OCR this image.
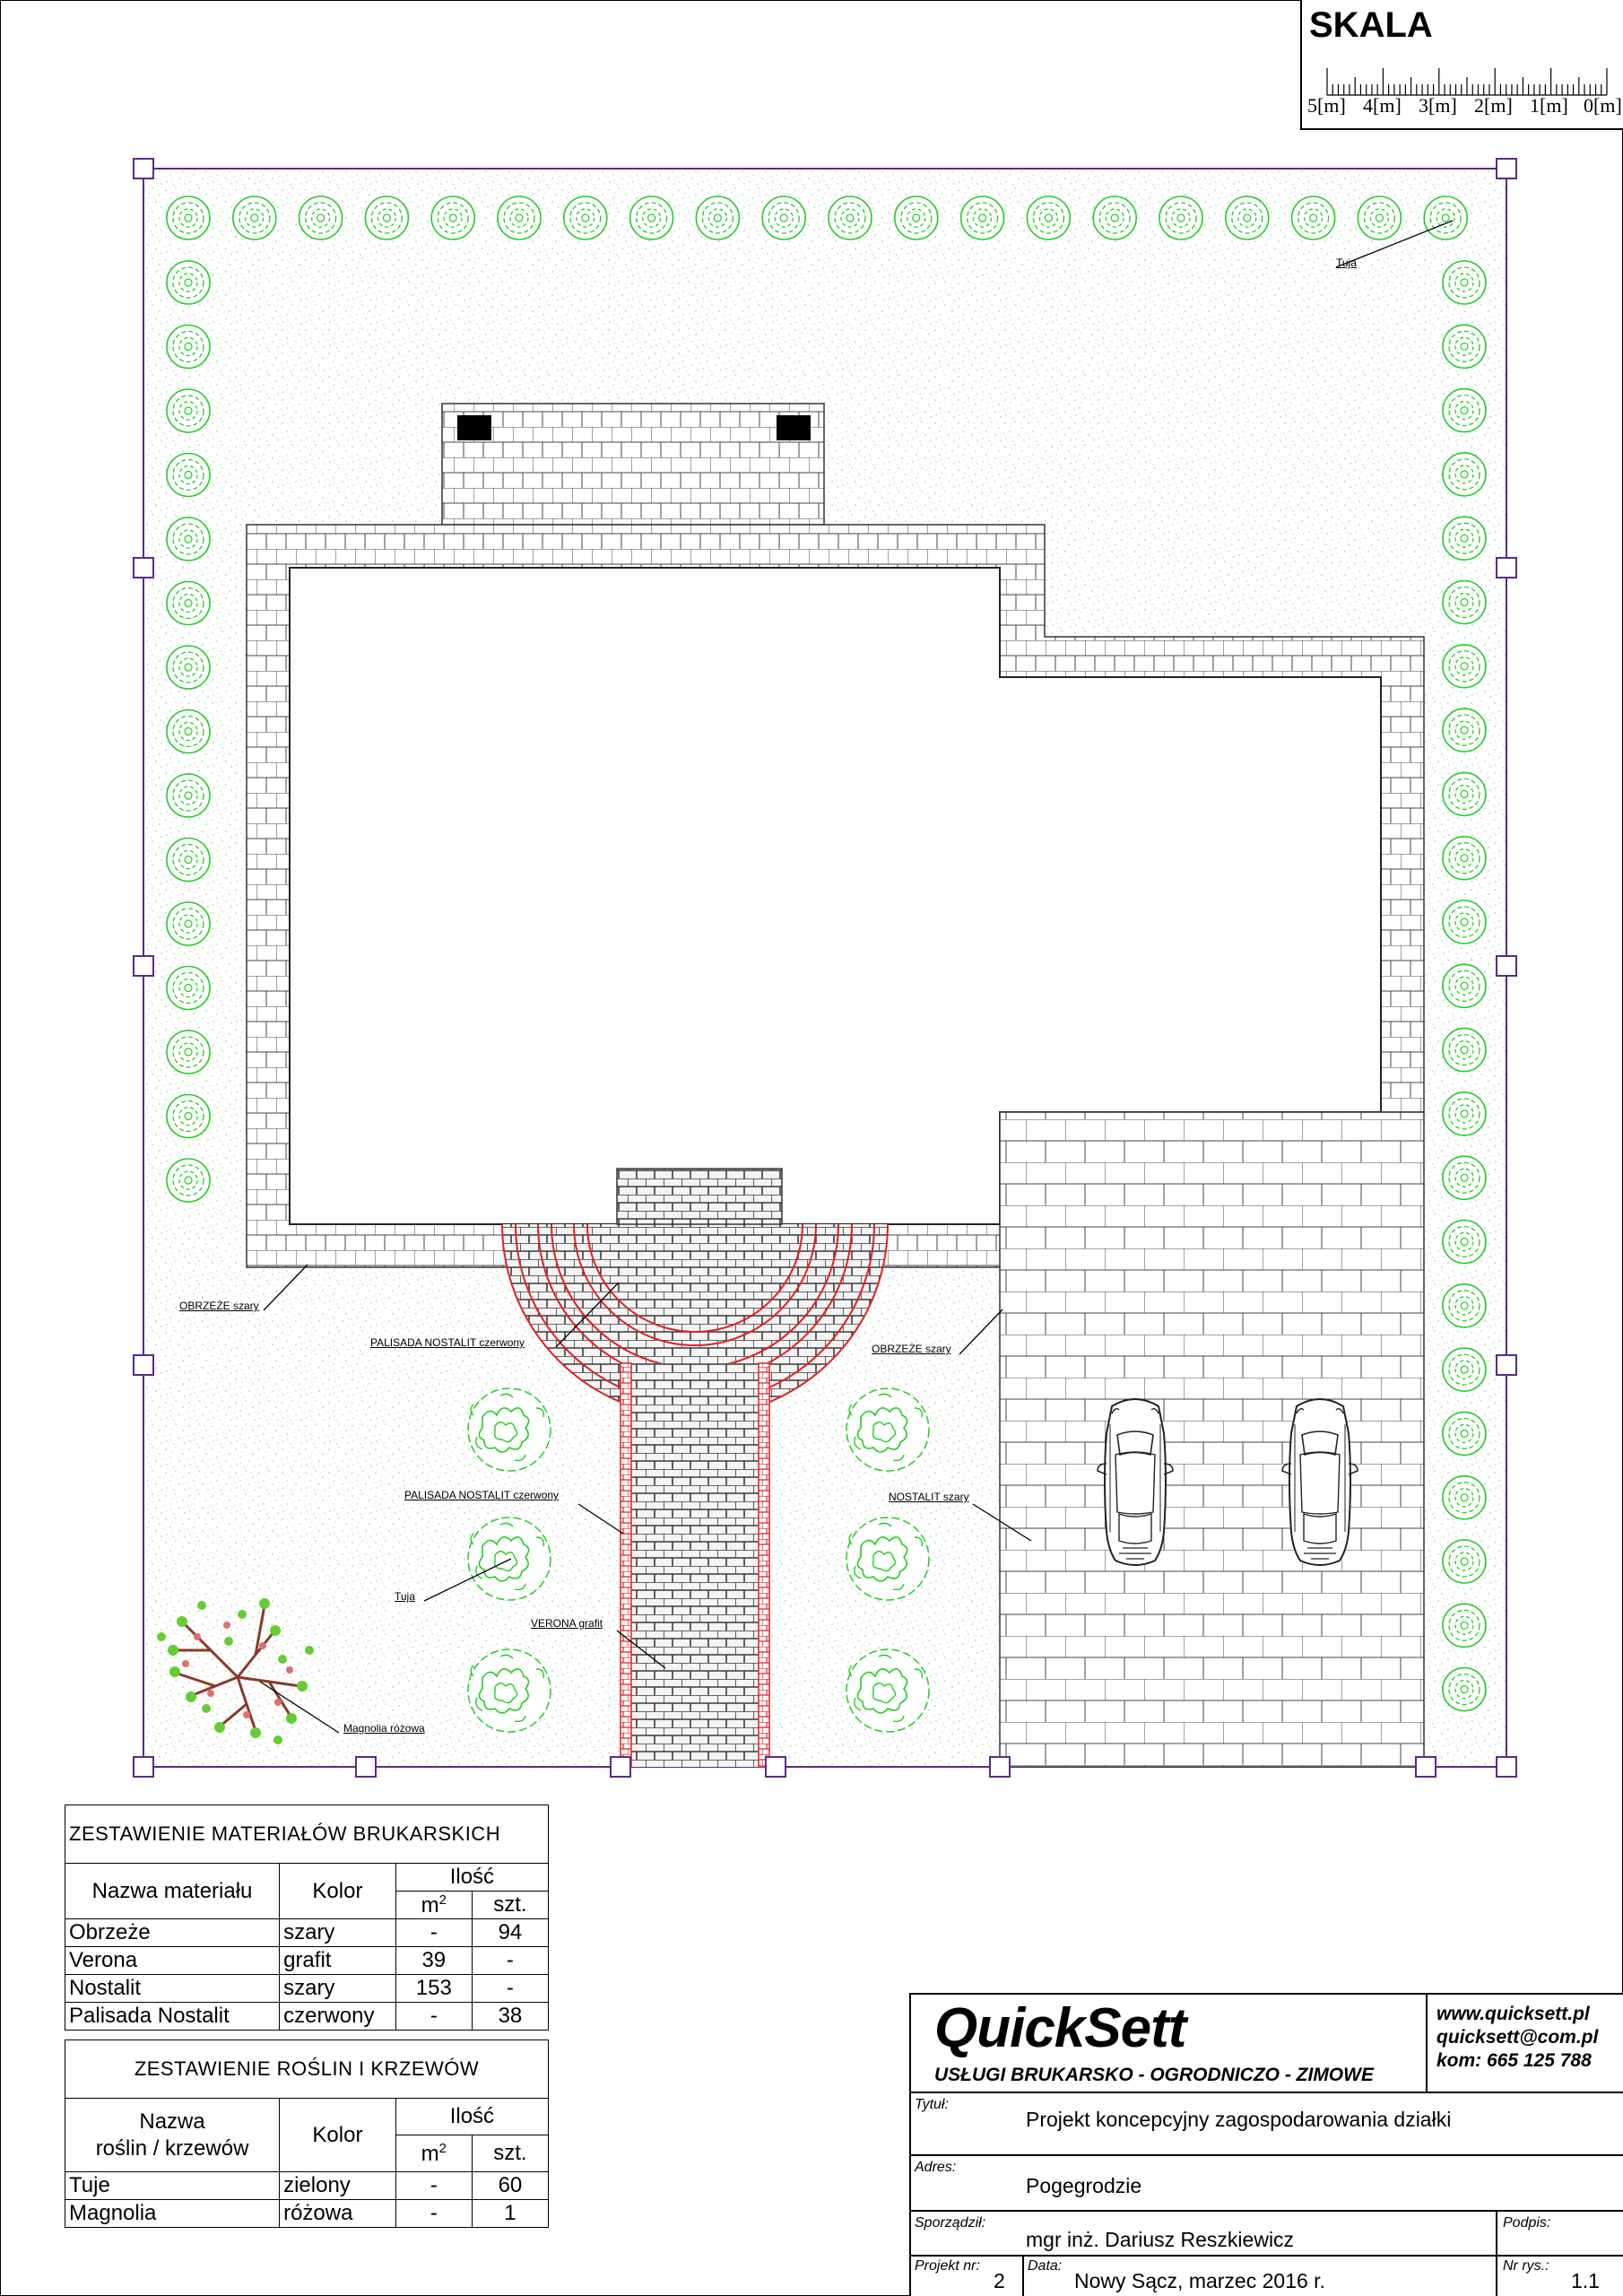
Tuja
OBRZEŻE szary
PALISADA NOSTALIT czerwony	OBRZEŻE szary
PALISADA NOSTALIT czerwony	NOSTALIT szary
Tuja
VERONA grafit
Magnolia różowa
SKALA
5[m] 4[m] 3[m] 2[m] 1[m] 0[m]
ZESTAWIENIE MATERIAŁÓW BRUKARSKICH			
Nazwa materiału	Kolor	Ilość	
		$m^2$	szt.
Obrzeże	szary	-	94
Verona	grafit	39	-
Nostalit	szary	153	-
Palisada Nostalit	czerwony	-	38
ZESTAWIENIE ROŚLIN I KRZEWÓW			
Nazwa
roślin / krzewów	Kolor	Ilość	
		$m^2$	szt.
Tuje	zielony	-	60
Magnolia	różowa	-	1
QuickSett
USŁUGI BRUKARSKO - OGRODNICZO - ZIMOWE
www.quicksett.pl
quicksett@com.pl
kom: 665 125 788
Tytuł:
Projekt koncepcyjny zagospodarowania działki
Adres:
Pogegrodzie
Sporządził:
mgr inż. Dariusz Reszkiewicz
Podpis:
Projekt nr:
2
Data:
Nowy Sącz, marzec 2016 r.
Nr rys.:
1.1
